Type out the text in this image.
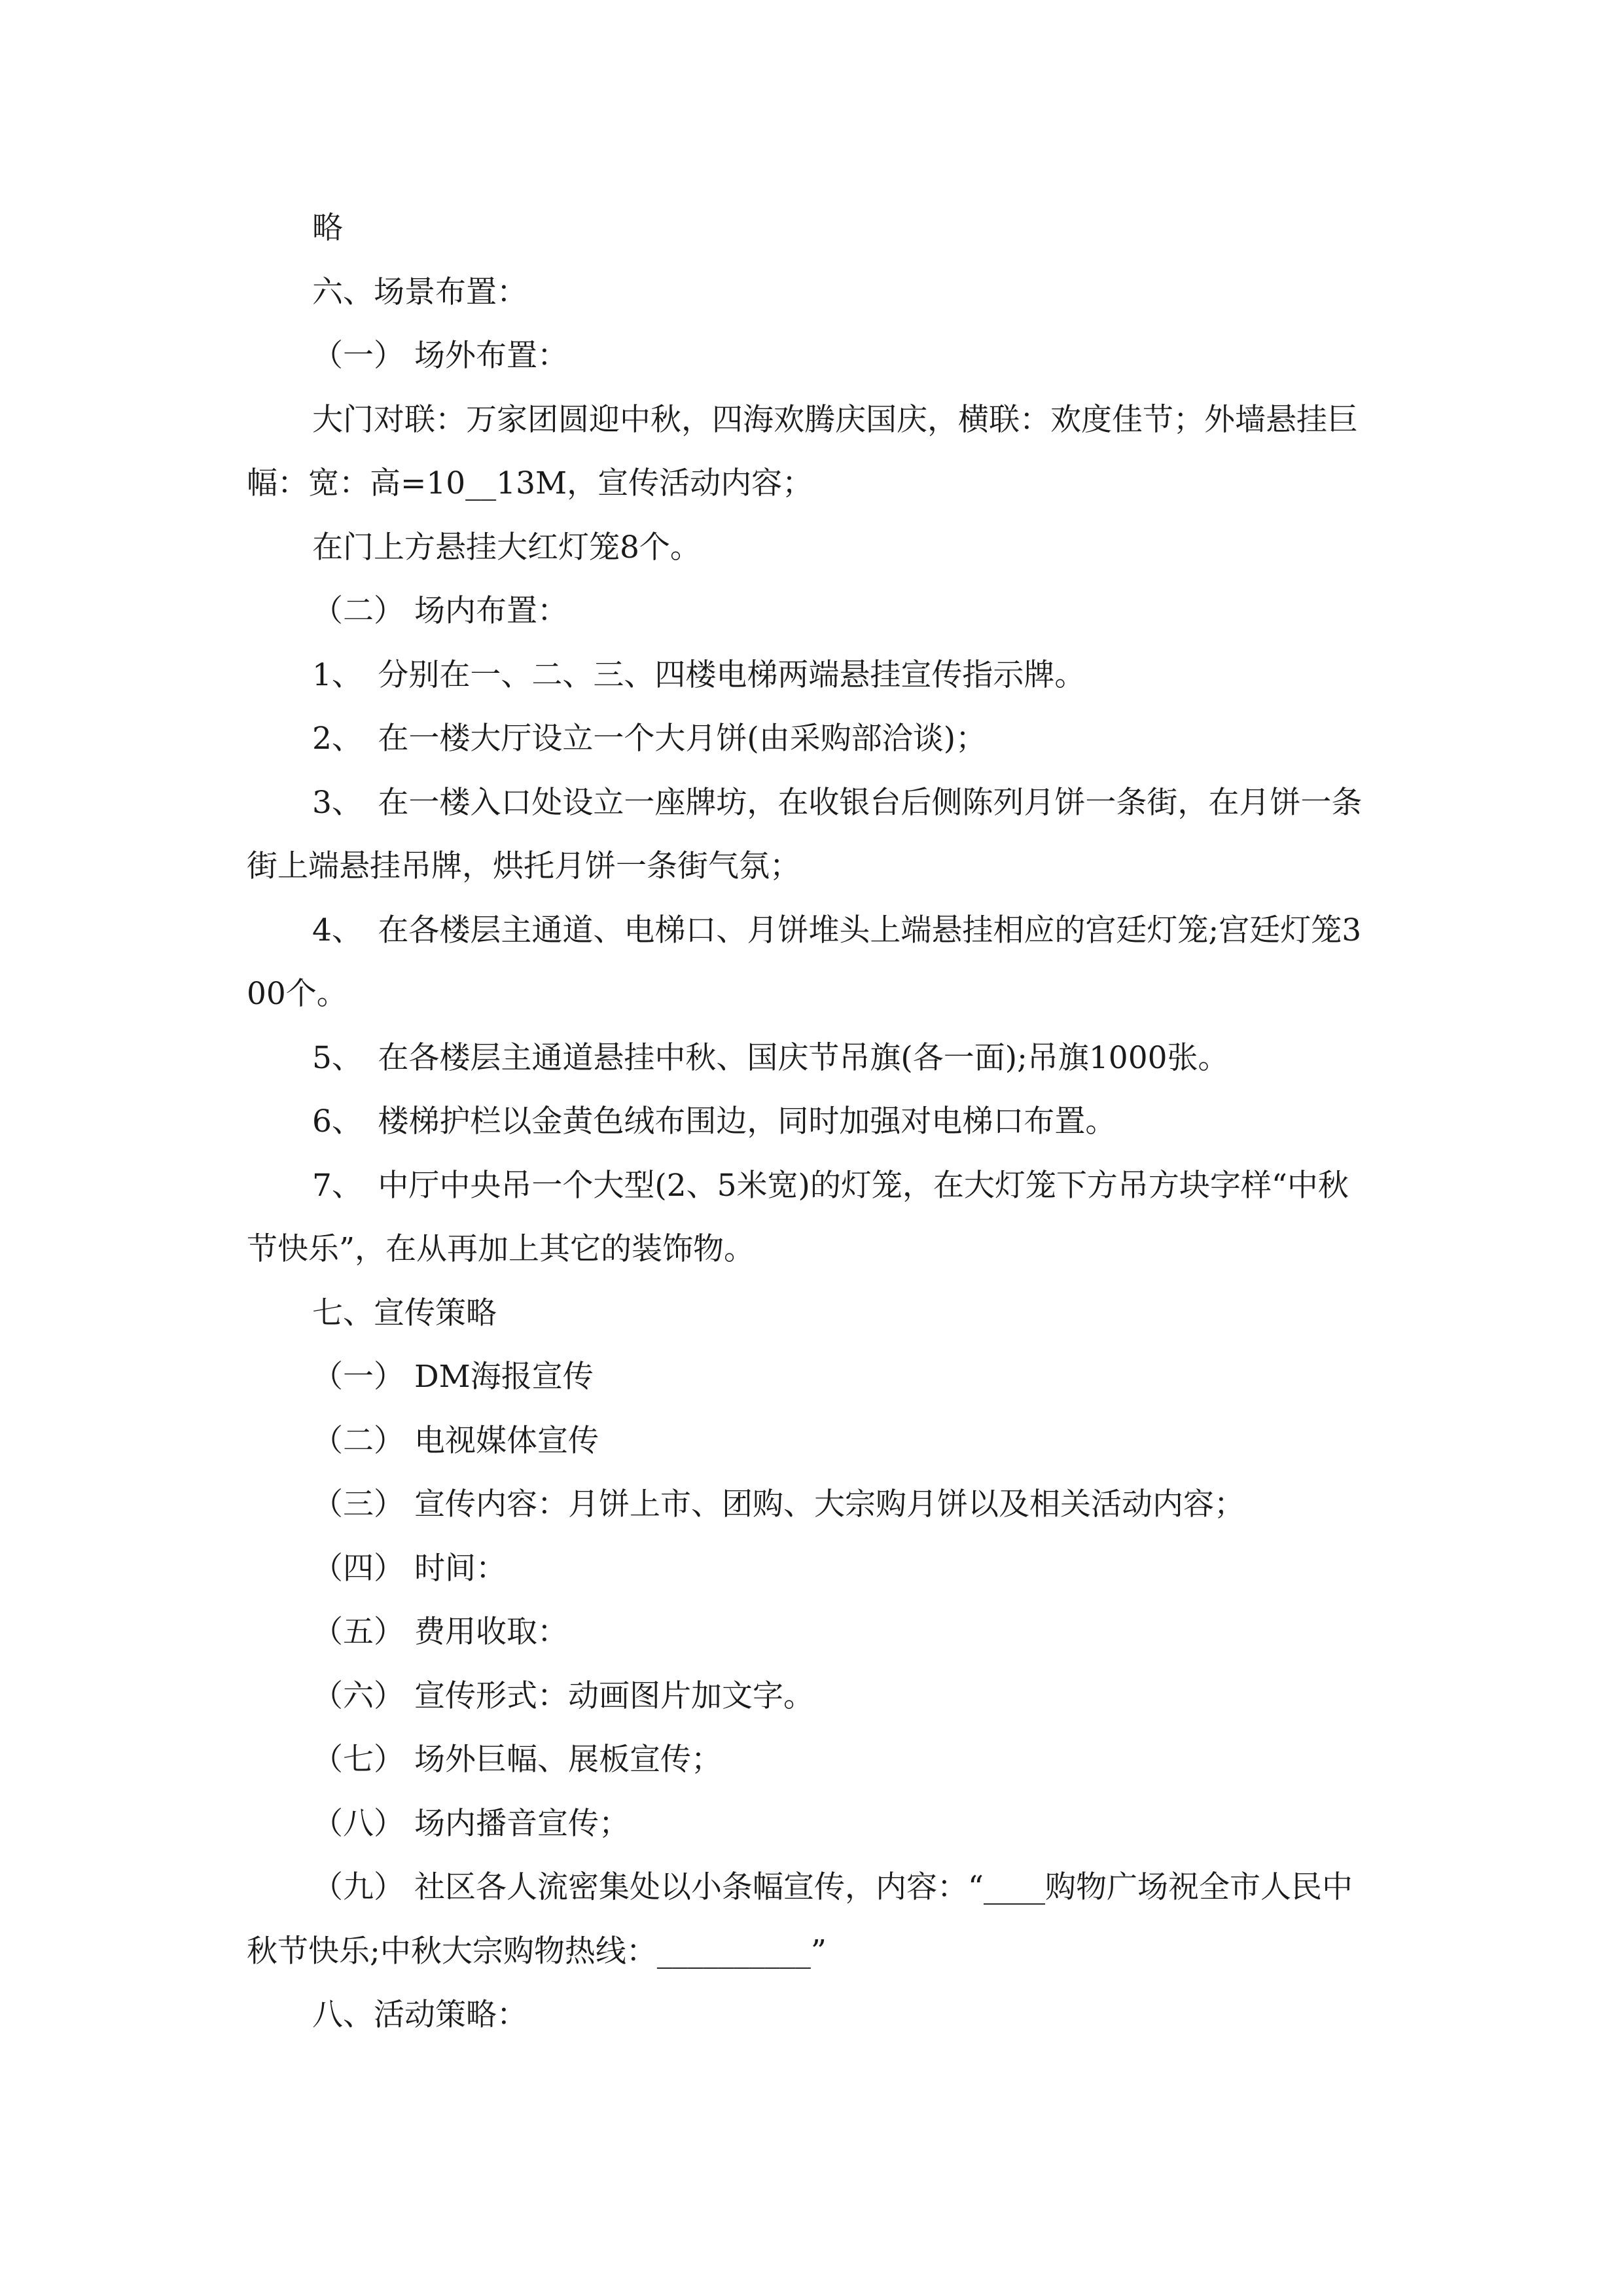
略

六、场景布置：

（一） 场外布置：

大门对联：万家团圆迎中秋，四海欢腾庆国庆，横联：欢度佳节；外墙悬挂巨幅：宽：高=10__13M，宣传活动内容；

在门上方悬挂大红灯笼8个。

（二） 场内布置：

1、　分别在一、二、三、四楼电梯两端悬挂宣传指示牌。

2、　在一楼大厅设立一个大月饼(由采购部洽谈)；

3、　在一楼入口处设立一座牌坊，在收银台后侧陈列月饼一条街，在月饼一条街上端悬挂吊牌，烘托月饼一条街气氛；

4、　在各楼层主通道、电梯口、月饼堆头上端悬挂相应的宫廷灯笼;宫廷灯笼300个。

5、　在各楼层主通道悬挂中秋、国庆节吊旗(各一面);吊旗1000张。

6、　楼梯护栏以金黄色绒布围边，同时加强对电梯口布置。

7、　中厅中央吊一个大型(2、5米宽)的灯笼，在大灯笼下方吊方块字样“中秋节快乐”，在从再加上其它的装饰物。

七、宣传策略

（一） DM海报宣传

（二） 电视媒体宣传

（三） 宣传内容：月饼上市、团购、大宗购月饼以及相关活动内容；

（四） 时间：

（五） 费用收取：

（六） 宣传形式：动画图片加文字。

（七） 场外巨幅、展板宣传；

（八） 场内播音宣传；

（九） 社区各人流密集处以小条幅宣传，内容：“____购物广场祝全市人民中秋节快乐;中秋大宗购物热线：__________”

八、活动策略：
